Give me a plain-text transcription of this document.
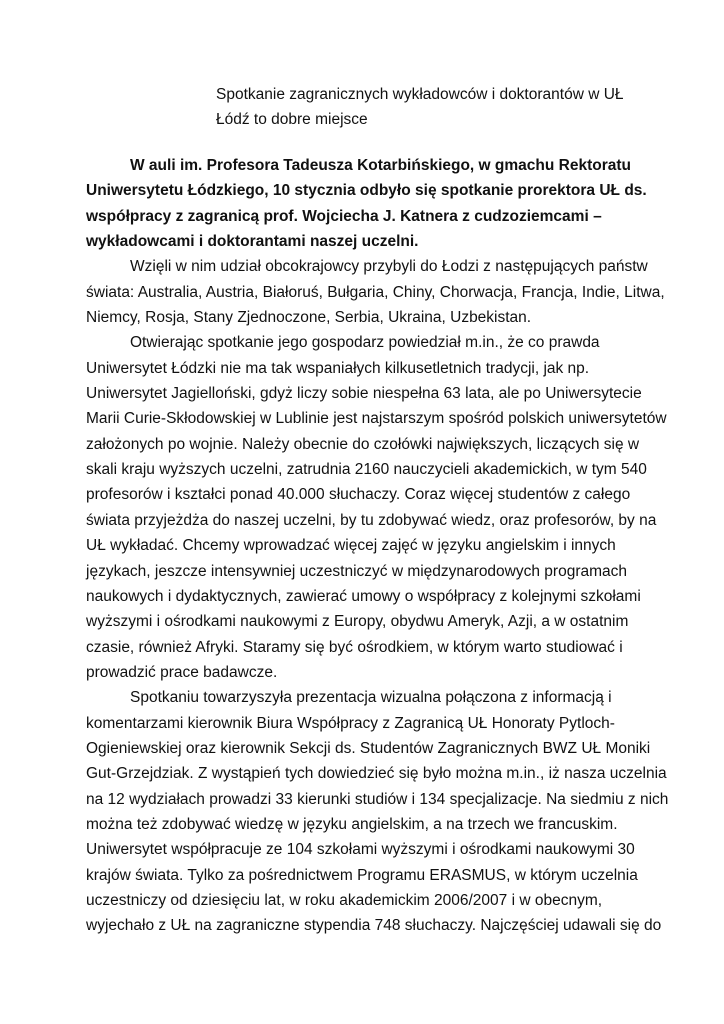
Spotkanie zagranicznych wykładowców i doktorantów w UŁ
Łódź to dobre miejsce
W auli im. Profesora Tadeusza Kotarbińskiego, w gmachu Rektoratu
Uniwersytetu Łódzkiego, 10 stycznia odbyło się spotkanie prorektora UŁ ds.
współpracy z zagranicą prof. Wojciecha J. Katnera z cudzoziemcami –
wykładowcami i doktorantami naszej uczelni.
Wzięli w nim udział obcokrajowcy przybyli do Łodzi z następujących państw
świata: Australia, Austria, Białoruś, Bułgaria, Chiny, Chorwacja, Francja, Indie, Litwa,
Niemcy, Rosja, Stany Zjednoczone, Serbia, Ukraina, Uzbekistan.
Otwierając spotkanie jego gospodarz powiedział m.in., że co prawda
Uniwersytet Łódzki nie ma tak wspaniałych kilkusetletnich tradycji, jak np.
Uniwersytet Jagielloński, gdyż liczy sobie niespełna 63 lata, ale po Uniwersytecie
Marii Curie-Skłodowskiej w Lublinie jest najstarszym spośród polskich uniwersytetów
założonych po wojnie. Należy obecnie do czołówki największych, liczących się w
skali kraju wyższych uczelni, zatrudnia 2160 nauczycieli akademickich, w tym 540
profesorów i kształci ponad 40.000 słuchaczy. Coraz więcej studentów z całego
świata przyjeżdża do naszej uczelni, by tu zdobywać wiedz, oraz profesorów, by na
UŁ wykładać. Chcemy wprowadzać więcej zajęć w języku angielskim i innych
językach, jeszcze intensywniej uczestniczyć w międzynarodowych programach
naukowych i dydaktycznych, zawierać umowy o współpracy z kolejnymi szkołami
wyższymi i ośrodkami naukowymi z Europy, obydwu Ameryk, Azji, a w ostatnim
czasie, również Afryki. Staramy się być ośrodkiem, w którym warto studiować i
prowadzić prace badawcze.
Spotkaniu towarzyszyła prezentacja wizualna połączona z informacją i
komentarzami kierownik Biura Współpracy z Zagranicą UŁ Honoraty Pytloch-
Ogieniewskiej oraz kierownik Sekcji ds. Studentów Zagranicznych BWZ UŁ Moniki
Gut-Grzejdziak. Z wystąpień tych dowiedzieć się było można m.in., iż nasza uczelnia
na 12 wydziałach prowadzi 33 kierunki studiów i 134 specjalizacje. Na siedmiu z nich
można też zdobywać wiedzę w języku angielskim, a na trzech we francuskim.
Uniwersytet współpracuje ze 104 szkołami wyższymi i ośrodkami naukowymi 30
krajów świata. Tylko za pośrednictwem Programu ERASMUS, w którym uczelnia
uczestniczy od dziesięciu lat, w roku akademickim 2006/2007 i w obecnym,
wyjechało z UŁ na zagraniczne stypendia 748 słuchaczy. Najczęściej udawali się do
